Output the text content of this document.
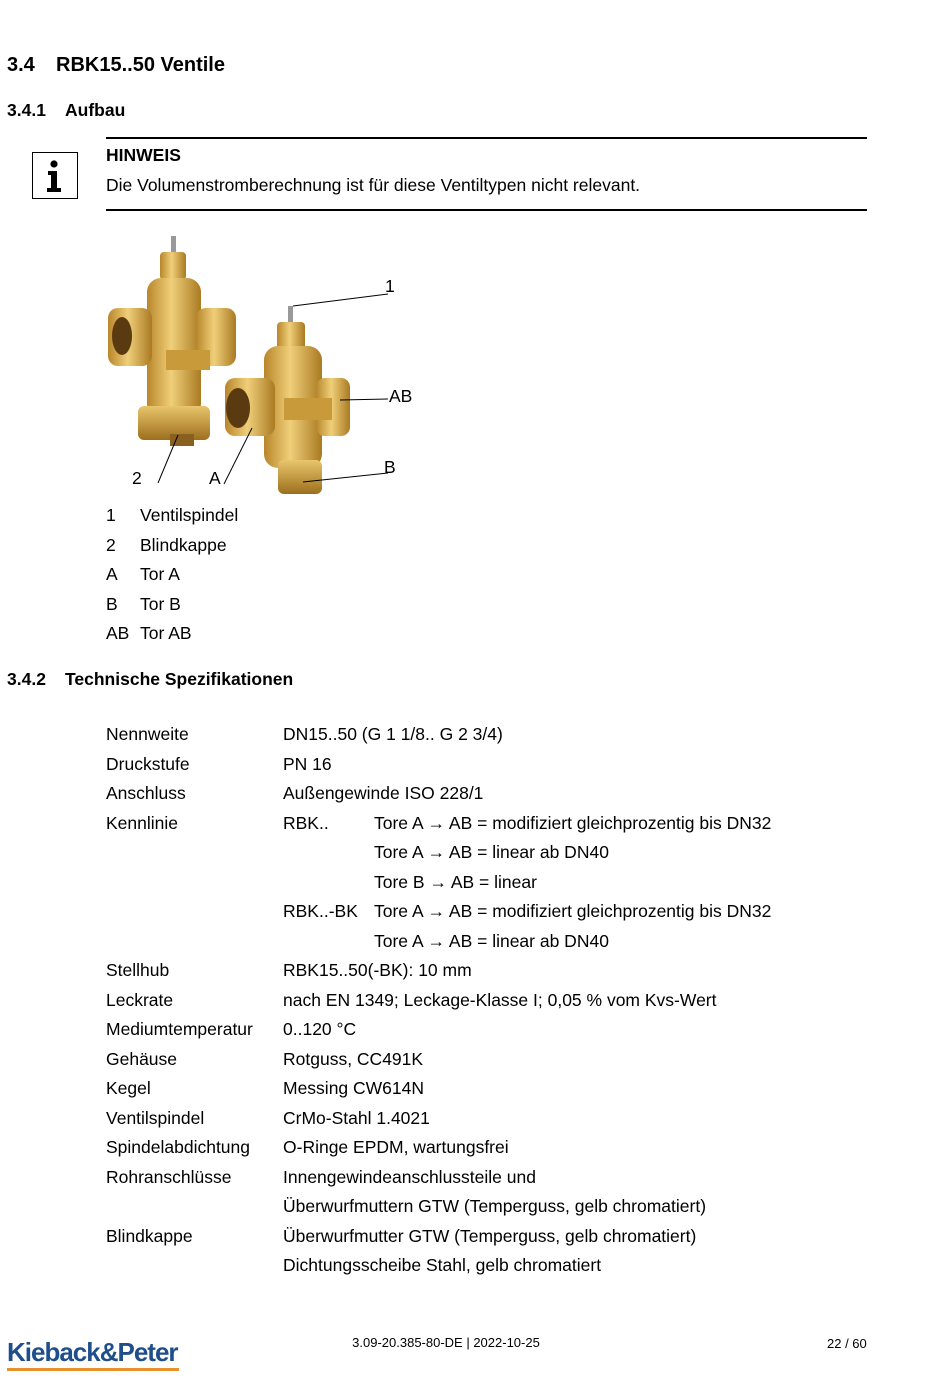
3.4 RBK15..50 Ventile
3.4.1 Aufbau
HINWEIS
Die Volumenstromberechnung ist für diese Ventiltypen nicht relevant.
1
AB
B
2	A
1	Ventilspindel
2	Blindkappe
A	Tor A
B	Tor B
AB Tor AB
3.4.2 Technische Spezifikationen
Nennweite	DN15..50 (G 1 1/8.. G 2 3/4)
Druckstufe	PN 16
Anschluss	Außengewinde ISO 228/1
Kennlinie	RBK..	Tore A → AB = modifiziert gleichprozentig bis DN32
Tore A → AB = linear ab DN40
Tore B → AB = linear
RBK..-BK Tore A → AB = modifiziert gleichprozentig bis DN32
Tore A → AB = linear ab DN40
Stellhub	RBK15..50(-BK): 10 mm
Leckrate	nach EN 1349; Leckage-Klasse I; 0,05 % vom Kvs-Wert
Mediumtemperatur	0..120 °C
Gehäuse	Rotguss, CC491K
Kegel	Messing CW614N
Ventilspindel	CrMo-Stahl 1.4021
Spindelabdichtung	O-Ringe EPDM, wartungsfrei
Rohranschlüsse	Innengewindeanschlussteile und
Überwurfmuttern GTW (Temperguss, gelb chromatiert)
Blindkappe	Überwurfmutter GTW (Temperguss, gelb chromatiert)
Dichtungsscheibe Stahl, gelb chromatiert
Kieback&Peter	3.09-20.385-80-DE | 2022-10-25	22 / 60
